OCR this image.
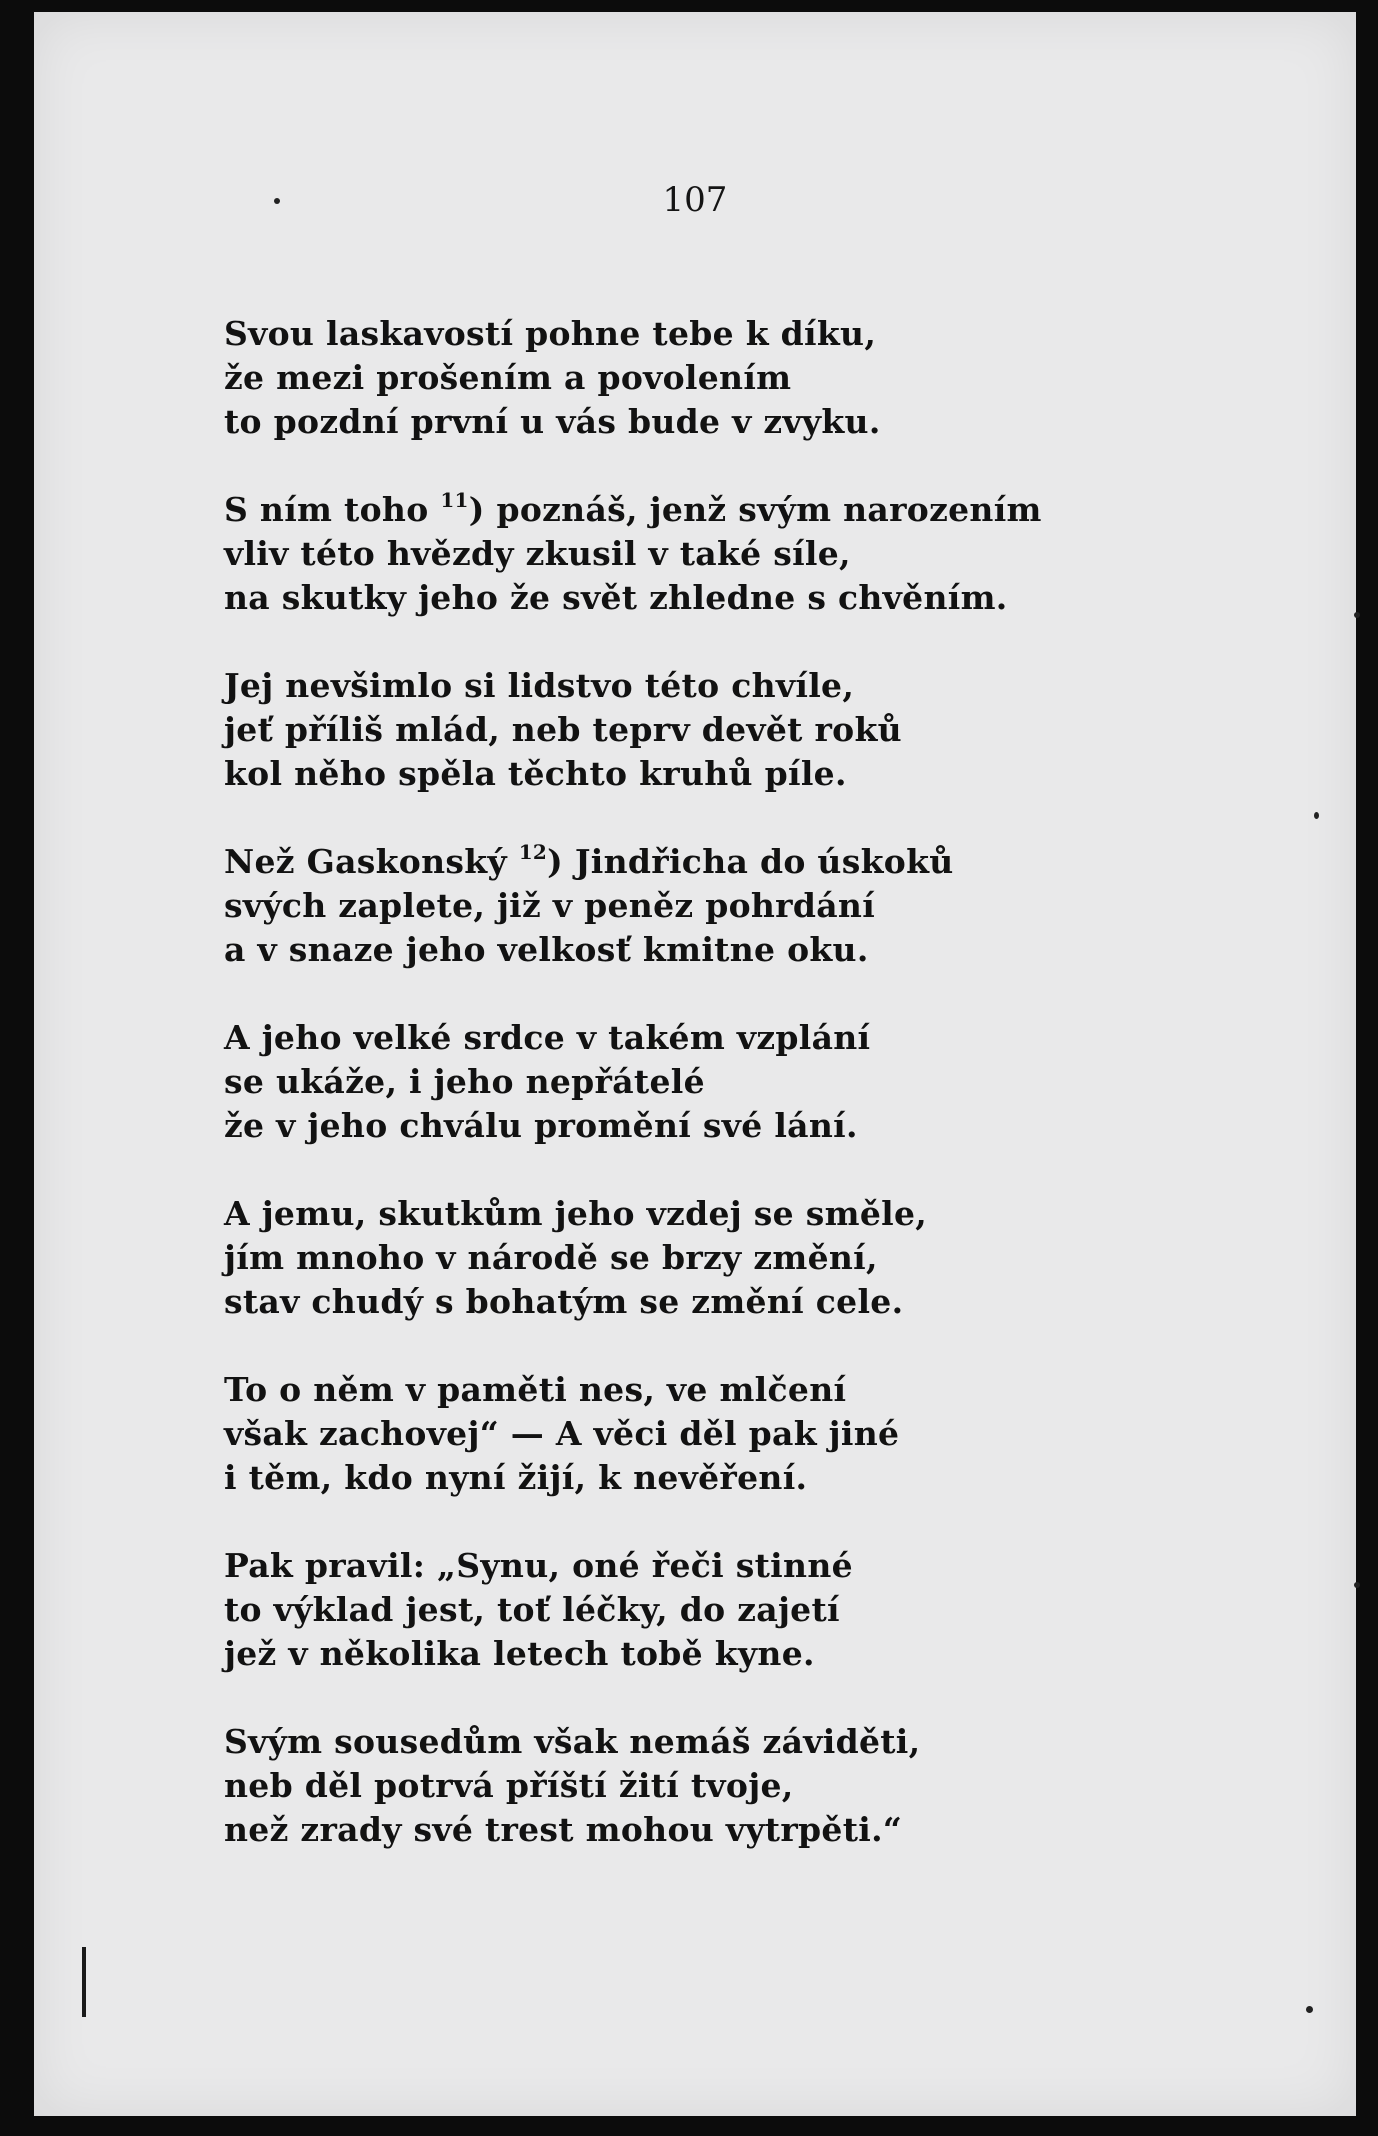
107
Svou laskavostí pohne tebe k díku,
že mezi prošením a povolením
to pozdní první u vás bude v zvyku.
S ním toho $^{11}$) poznáš, jenž svým narozením
vliv této hvězdy zkusil v také síle,
na skutky jeho že svět zhledne s chvěním.
Jej nevšimlo si lidstvo této chvíle,
jeť příliš mlád, neb teprv devět roků
kol něho spěla těchto kruhů píle.
Než Gaskonský $^{12}$) Jindřicha do úskoků
svých zaplete, již v peněz pohrdání
a v snaze jeho velkosť kmitne oku.
A jeho velké srdce v takém vzplání
se ukáže, i jeho nepřátelé
že v jeho chválu promění své lání.
A jemu, skutkům jeho vzdej se směle,
jím mnoho v národě se brzy změní,
stav chudý s bohatým se změní cele.
To o něm v paměti nes, ve mlčení
však zachovej“ — A věci děl pak jiné
i těm, kdo nyní žijí, k nevěření.
Pak pravil: „Synu, oné řeči stinné
to výklad jest, toť léčky, do zajetí
jež v několika letech tobě kyne.
Svým sousedům však nemáš záviděti,
neb děl potrvá příští žití tvoje,
než zrady své trest mohou vytrpěti.“
